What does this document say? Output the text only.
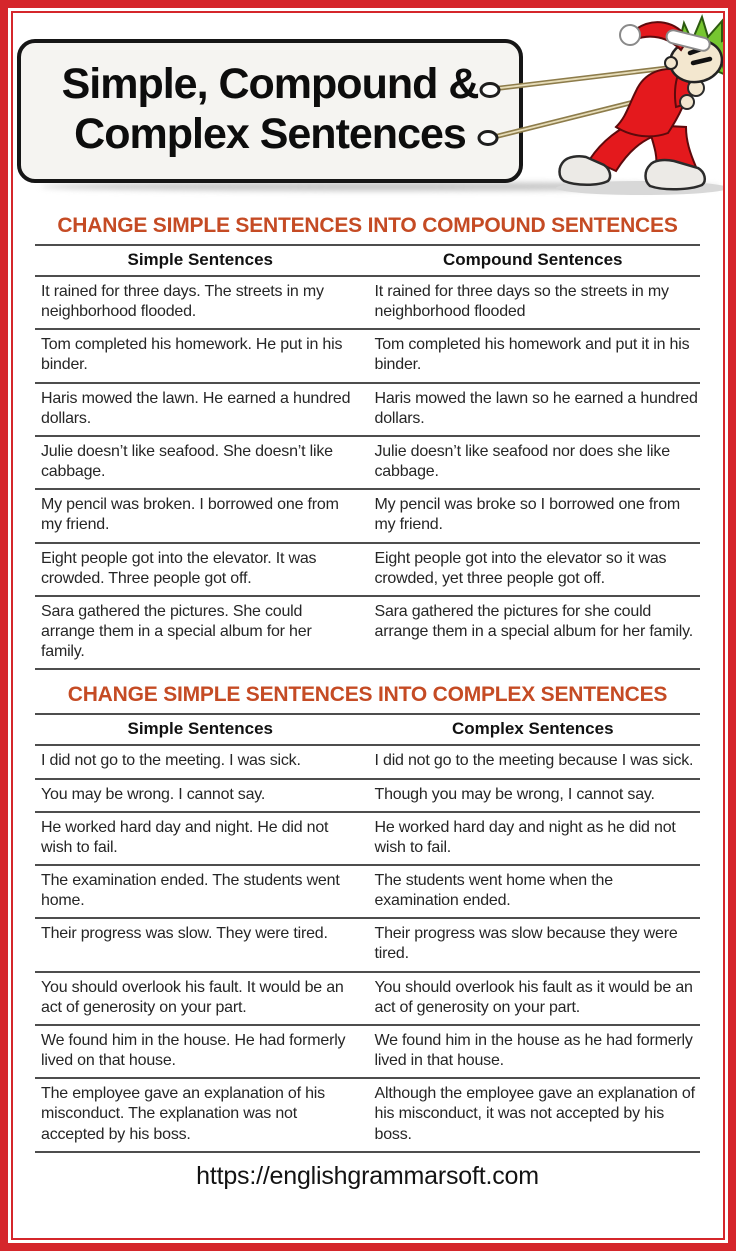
Simple, Compound &
Complex Sentences
CHANGE SIMPLE SENTENCES INTO COMPOUND SENTENCES
Simple Sentences	Compound Sentences
It rained for three days. The streets in my neighborhood flooded.	It rained for three days so the streets in my neighborhood flooded
Tom completed his homework. He put in his binder.	Tom completed his homework and put it in his binder.
Haris mowed the lawn. He earned a hundred dollars.	Haris mowed the lawn so he earned a hundred dollars.
Julie doesn’t like seafood. She doesn’t like cabbage.	Julie doesn’t like seafood nor does she like cabbage.
My pencil was broken. I borrowed one from my friend.	My pencil was broke so I borrowed one from my friend.
Eight people got into the elevator. It was crowded. Three people got off.	Eight people got into the elevator so it was crowded, yet three people got off.
Sara gathered the pictures. She could arrange them in a special album for her family.	Sara gathered the pictures for she could arrange them in a special album for her family.
CHANGE SIMPLE SENTENCES INTO COMPLEX SENTENCES
Simple Sentences	Complex Sentences
I did not go to the meeting. I was sick.	I did not go to the meeting because I was sick.
You may be wrong. I cannot say.	Though you may be wrong, I cannot say.
He worked hard day and night. He did not wish to fail.	He worked hard day and night as he did not wish to fail.
The examination ended. The students went home.	The students went home when the examination ended.
Their progress was slow. They were tired.	Their progress was slow because they were tired.
You should overlook his fault. It would be an act of generosity on your part.	You should overlook his fault as it would be an act of generosity on your part.
We found him in the house. He had formerly lived on that house.	We found him in the house as he had formerly lived in that house.
The employee gave an explanation of his misconduct. The explanation was not accepted by his boss.	Although the employee gave an explanation of his misconduct, it was not accepted by his boss.
https://englishgrammarsoft.com
